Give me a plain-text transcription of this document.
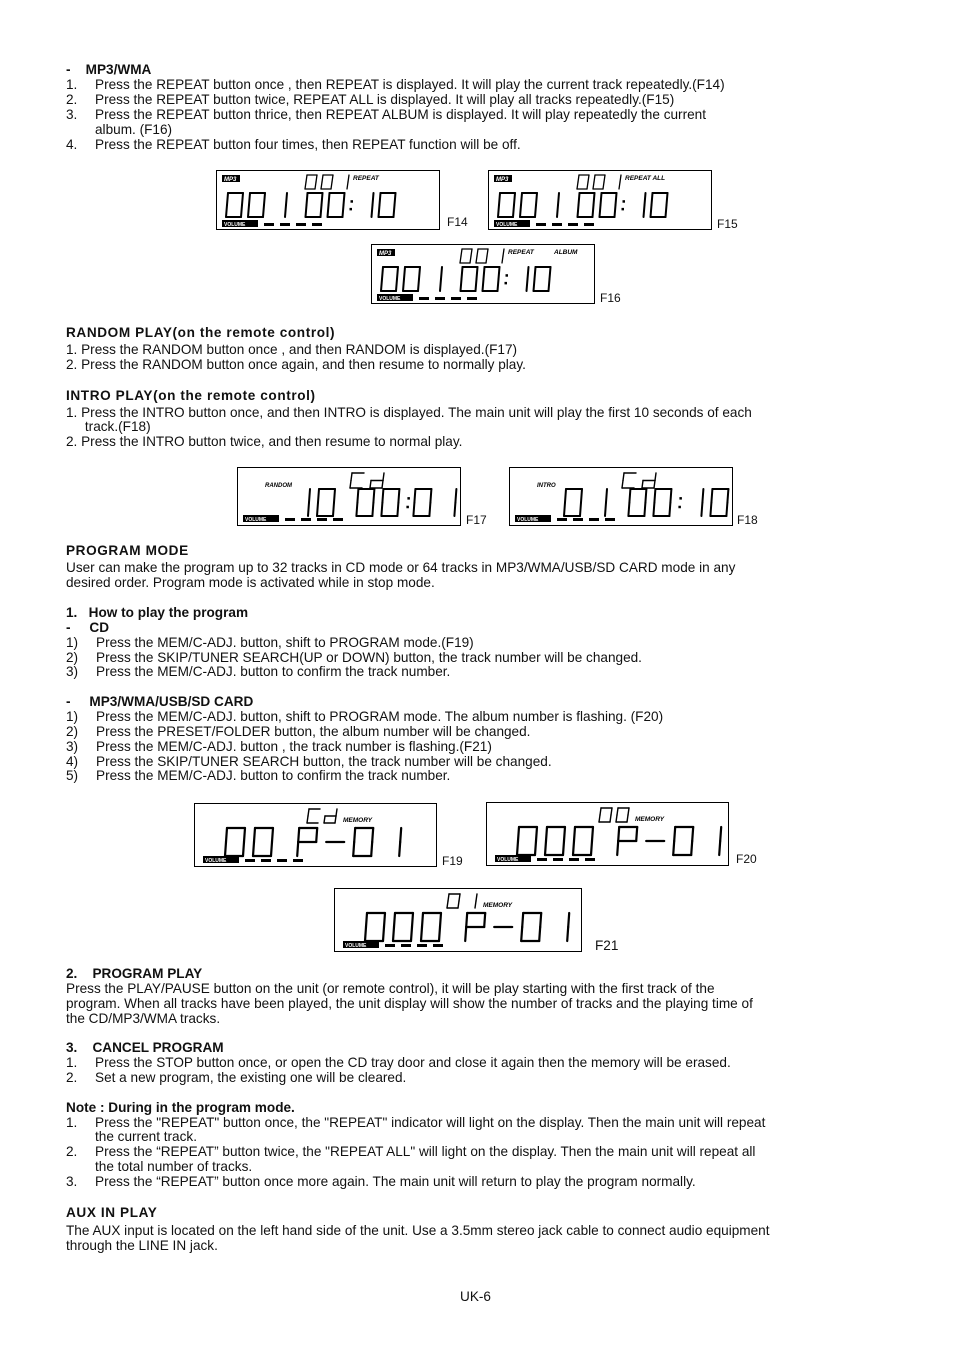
-    MP3/WMA
1. Press the REPEAT button once , then REPEAT is displayed. It will play the current track repeatedly.(F14)
2. Press the REPEAT button twice, REPEAT ALL is displayed. It will play all tracks repeatedly.(F15)
3. Press the REPEAT button thrice, then REPEAT ALBUM is displayed. It will play repeatedly the current
album. (F16)
4. Press the REPEAT button four times, then REPEAT function will be off.
MP3	REPEAT
VOLUME	F14
MP3	REPEAT ALL
VOLUME	F15
MP3	REPEAT	ALBUM
VOLUME	F16
RANDOM PLAY(on the remote control)
1. Press the RANDOM button once , and then RANDOM is displayed.(F17)
2. Press the RANDOM button once again, and then resume to normally play.
INTRO PLAY(on the remote control)
1. Press the INTRO button once, and then INTRO is displayed. The main unit will play the first 10 seconds of each
track.(F18)
2. Press the INTRO button twice, and then resume to normal play.
RANDOM
VOLUME	F17
INTRO
VOLUME	F18
PROGRAM MODE
User can make the program up to 32 tracks in CD mode or 64 tracks in MP3/WMA/USB/SD CARD mode in any
desired order. Program mode is activated while in stop mode.
1.   How to play the program
-     CD
1) Press the MEM/C-ADJ. button, shift to PROGRAM mode.(F19)
2) Press the SKIP/TUNER SEARCH(UP or DOWN) button, the track number will be changed.
3) Press the MEM/C-ADJ. button to confirm the track number.
-     MP3/WMA/USB/SD CARD
1) Press the MEM/C-ADJ. button, shift to PROGRAM mode. The album number is flashing. (F20)
2) Press the PRESET/FOLDER button, the album number will be changed.
3) Press the MEM/C-ADJ. button , the track number is flashing.(F21)
4) Press the SKIP/TUNER SEARCH button, the track number will be changed.
5) Press the MEM/C-ADJ. button to confirm the track number.
MEMORY
VOLUME	F19
MEMORY
VOLUME	F20
MEMORY
VOLUME	F21
2.    PROGRAM PLAY
Press the PLAY/PAUSE button on the unit (or remote control), it will be play starting with the first track of the
program. When all tracks have been played, the unit display will show the number of tracks and the playing time of
the CD/MP3/WMA tracks.
3.    CANCEL PROGRAM
1. Press the STOP button once, or open the CD tray door and close it again then the memory will be erased.
2. Set a new program, the existing one will be cleared.
Note : During in the program mode.
1. Press the "REPEAT" button once, the "REPEAT" indicator will light on the display. Then the main unit will repeat
the current track.
2. Press the “REPEAT” button twice, the "REPEAT ALL" will light on the display. Then the main unit will repeat all
the total number of tracks.
3. Press the “REPEAT” button once more again. The main unit will return to play the program normally.
AUX IN PLAY
The AUX input is located on the left hand side of the unit. Use a 3.5mm stereo jack cable to connect audio equipment
through the LINE IN jack.
UK-6
